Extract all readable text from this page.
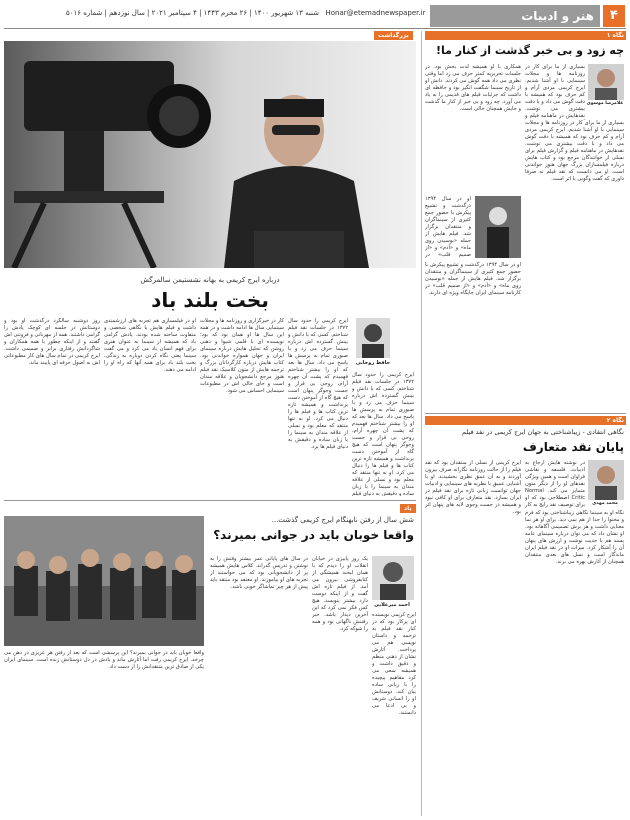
۴
هنر و ادبیات
Honar@etemadnewspaper.ir
شنبه ۱۳ شهریور ۱۴۰۰ | ۲۶ محرم ۱۴۴۳ | ۴ سپتامبر ۲۰۲۱ | سال نوزدهم | شماره ۵۰۱۶
بزرگداشت
درباره ایرج کریمی به بهانه نشستیمن سالمرگش
بخت بلند باد
حافظ روحانی
ایرج کریمی را حدود سال ۱۳۷۲ در جلسات نقد فیلم شناختم. کسی که با دانش و بینش گسترده اش درباره سینما حرف می زد و با صبوری تمام به پرسش ها پاسخ می داد. سال ها بعد که او را بیشتر شناختم فهمیدم که پشت آن چهره آرام، روحی بی قرار و جست وجوگر پنهان است که هیچ گاه از آموختن دست برنداشت و همیشه تازه ترین کتاب ها و فیلم ها را دنبال می کرد. او نه تنها منتقد که معلم بود و نسلی از علاقه مندان به سینما را با زبان ساده و دقیقش به دنیای فیلم ها برد.
کار در خبرگزاری و روزنامه ها و مجلات سینمایی سال ها ادامه داشت و در همه این سال ها او همان بود که بود؛ نویسنده ای با قلمی شیوا و ذهنی روشن که تحلیل هایش درباره سینمای ایران و جهان همواره خواندنی بود. کتاب هایش درباره کارگردانان بزرگ و ترجمه هایش از متون کلاسیک نقد فیلم هنوز مرجع دانشجویان و علاقه مندان است و جای خالی اش در مطبوعات سینمایی احساس می شود.
او در فیلمسازی هم تجربه های ارزشمندی داشت و فیلم هایش با نگاهی شخصی و متفاوت ساخته شده بودند. یادش گرامی باد که همیشه از سینما به عنوان هنری برای فهم انسان یاد می کرد و می گفت سینما یعنی نگاه کردن دوباره به زندگی. بخت بلند باد برای همه آنها که راه او را ادامه می دهند.
روز دوشنبه سالگرد درگذشت او بود و دوستانش در جلسه ای کوچک یادش را گرامی داشتند. همه از مهربانی و فروتنی اش گفتند و از اینکه چطور با همه همکاران و شاگردانش رفتاری برابر و صمیمی داشت. ایرج کریمی در تمام سال های کار مطبوعاتی اش به اصول حرفه ای پایبند ماند.
ایرج کریمی را حدود سال ۱۳۷۲ در جلسات نقد فیلم شناختم. کسی که با دانش و بینش گسترده اش درباره سینما حرف می زد و با صبوری تمام به پرسش ها پاسخ می داد. سال ها بعد که او را بیشتر شناختم فهمیدم که پشت آن چهره آرام، روحی بی قرار و جست وجوگر پنهان است که هیچ گاه از آموختن دست برنداشت و همیشه تازه ترین کتاب ها و فیلم ها را دنبال می کرد. او نه تنها منتقد که معلم بود و نسلی از علاقه مندان به سینما را با زبان ساده و دقیقش به دنیای فیلم
یاد
شش سال از رفتن نابهنگام ایرج کریمی گذشت...
واقعا خوبان باید در جوانی بمیرند؟
احمد میرعلایی
یک روز پاییزی در خیابان انقلاب او را دیدم که با همان لبخند همیشگی از کتابفروشی بیرون می آمد. از فیلم تازه اش گفت و از اینکه دوست دارد بیشتر بنویسد. هیچ کس فکر نمی کرد که این آخرین دیدار باشد. خبر رفتنش ناگهانی بود و همه را شوکه کرد.
ایرج کریمی نویسنده ای پرکار بود که در کنار نقد فیلم به ترجمه و داستان نویسی هم می پرداخت. آثارش نشان از ذهنی منظم و دقیق داشت و همیشه سعی می کرد مفاهیم پیچیده را با زبانی ساده بیان کند. دوستانش او را انسانی شریف و بی ادعا می دانستند.
در سال های پایانی عمر بیشتر وقتش را به نوشتن و تدریس گذراند. کلاس هایش همیشه پر از دانشجویانی بود که می خواستند از تجربه های او بیاموزند. او معتقد بود منتقد باید پیش از هر چیز تماشاگر خوبی باشد.
واقعا خوبان باید در جوانی بمیرند؟ این پرسشی است که بعد از رفتن هر عزیزی در ذهن می چرخد. ایرج کریمی رفت اما آثارش ماند و یادش در دل دوستانش زنده است. سینمای ایران یکی از صادق ترین منتقدانش را از دست داد.
نگاه ۱
چه زود و بی خبر گذشت از کنار ما!
غلامرضا موسوی
بسیاری از ما برای کار در روزنامه ها و مجلات سینمایی با او آشنا شدیم. ایرج کریمی مردی آرام و کم حرف بود که همیشه با دقت گوش می داد و با دقت بیشتری می نوشت. نقدهایش در ماهنامه فیلم و
بسیاری از ما برای کار در روزنامه ها و مجلات سینمایی با او آشنا شدیم. ایرج کریمی مردی آرام و کم حرف بود که همیشه با دقت گوش می داد و با دقت بیشتری می نوشت. نقدهایش در ماهنامه فیلم و گزارش فیلم برای نسلی از خوانندگان مرجع بود و کتاب هایش درباره فیلمسازان بزرگ جهان هنوز خواندنی است. او می دانست که نقد فیلم نه صرفا داوری که گفت وگویی با اثر است.
همکاری با او همیشه لذت بخش بود. در جلسات تحریریه کمتر حرف می زد اما وقتی نظری می داد همه گوش می کردند. دانش او از تاریخ سینما شگفت انگیز بود و حافظه ای داشت که جزئیات فیلم های قدیمی را به یاد می آورد. چه زود و بی خبر از کنار ما گذشت و جایش همچنان خالی است.
او در سال ۱۳۹۴ درگذشت و تشییع پیکرش با حضور جمع کثیری از سینماگران و منتقدان برگزار شد. فیلم هایش از جمله «بوسیدن روی ماه» و «آدم» و «از صمیم قلب» در
او در سال ۱۳۹۴ درگذشت و تشییع پیکرش با حضور جمع کثیری از سینماگران و منتقدان برگزار شد. فیلم هایش از جمله «بوسیدن روی ماه» و «آدم» و «از صمیم قلب» در کارنامه سینمای ایران جایگاه ویژه ای دارند.
نگاه ۲
نگاهی انتقادی - زیباشناختی به جهان ایرج کریمی در نقد فیلم
پایان نقد متعارف
محمد مهدی
در نوشته هایش ارجاع به ادبیات، فلسفه و نقاشی فراوان است و همین ویژگی نقدهای او را از دیگر متون متمایز می کند. Normal Critic اصطلاحی بود که او برای توصیف نقد رایج به کار
نگاه او به سینما نگاهی زیباشناختی بود که فرم و محتوا را جدا از هم نمی دید. برای او هر نما معنایی داشت و هر برش تصمیمی آگاهانه بود. او نشان داد که می توان درباره سینمای عامه پسند هم با جدیت نوشت و ارزش های پنهان آن را آشکار کرد. میراث او در نقد فیلم ایران ماندگار است و نسل های بعدی منتقدان همچنان از آثارش بهره می برند.
ایرج کریمی از نسلی از منتقدان بود که نقد فیلم را از حالت روزنامه نگارانه صرف بیرون آوردند و به آن عمق نظری بخشیدند. او با آشنایی عمیق با نظریه های سینمایی و ادبیات جهان توانست زبانی تازه برای نقد فیلم در ایران بسازد. نقد متعارف برای او کافی نبود و همیشه در جست وجوی لایه های پنهان اثر بود.
